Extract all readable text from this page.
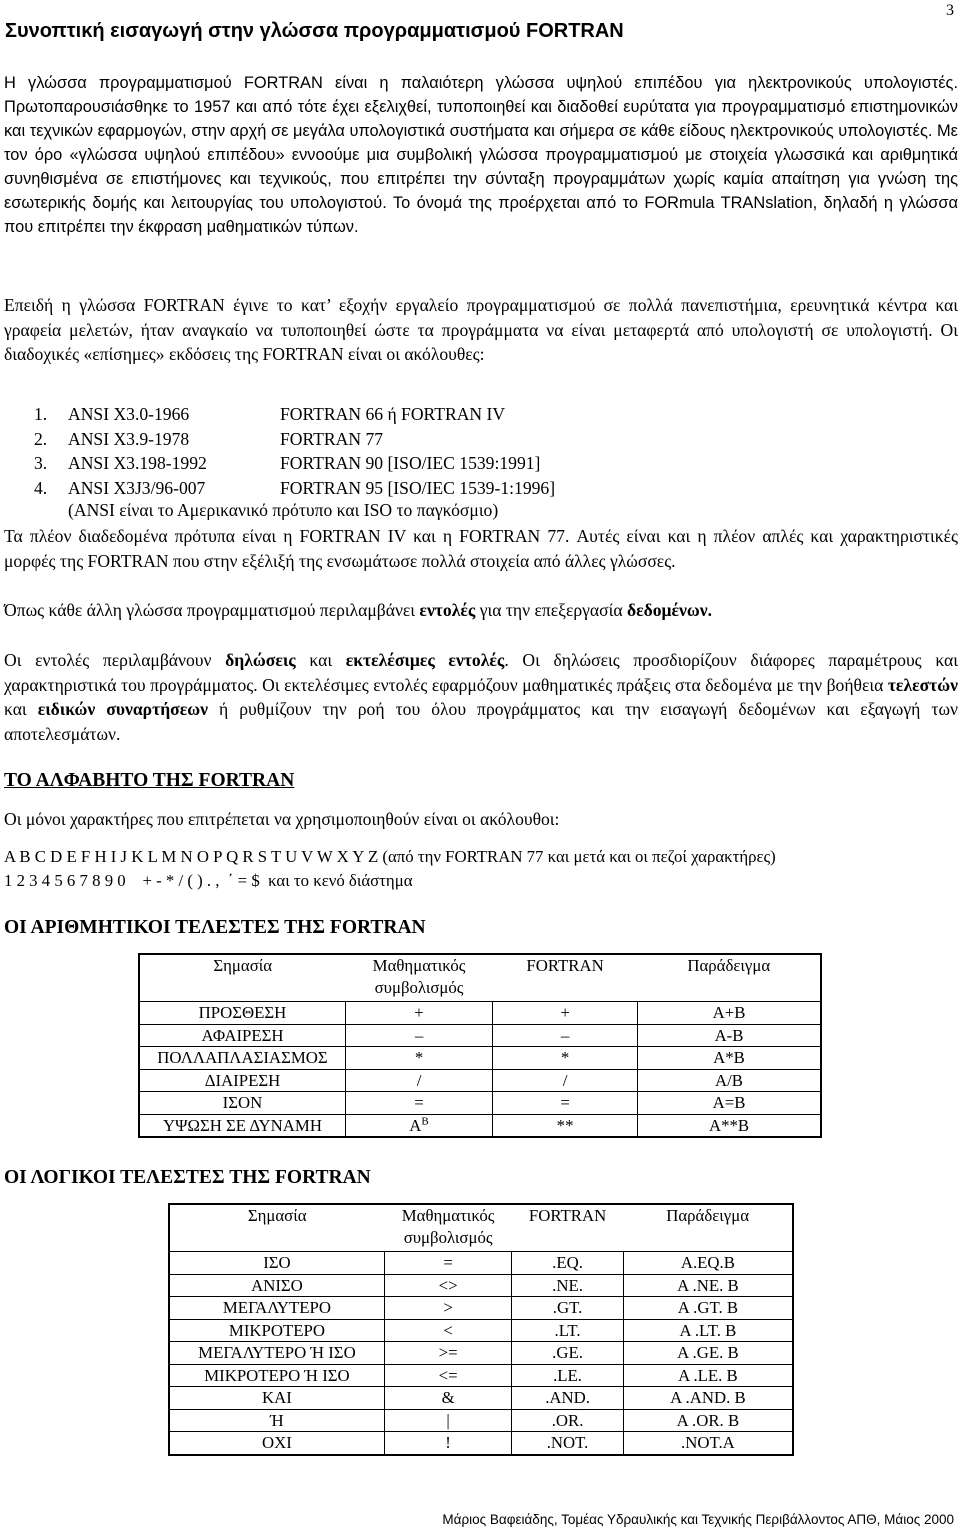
3
Συνοπτική εισαγωγή στην γλώσσα προγραμματισμού FORTRAN

Η γλώσσα προγραμματισμού FORTRAN είναι η παλαιότερη γλώσσα υψηλού επιπέδου για ηλεκτρονικούς υπολογιστές. Πρωτοπαρουσιάσθηκε το 1957 και από τότε έχει εξελιχθεί, τυποποιηθεί και διαδοθεί ευρύτατα για προγραμματισμό επιστημονικών και τεχνικών εφαρμογών, στην αρχή σε μεγάλα υπολογιστικά συστήματα και σήμερα σε κάθε είδους ηλεκτρονικούς υπολογιστές. Με τον όρο «γλώσσα υψηλού επιπέδου» εννοούμε μια συμβολική γλώσσα προγραμματισμού με στοιχεία γλωσσικά και αριθμητικά συνηθισμένα σε επιστήμονες και τεχνικούς, που επιτρέπει την σύνταξη προγραμμάτων χωρίς καμία απαίτηση για γνώση της εσωτερικής δομής και λειτουργίας του υπολογιστού. Το όνομά της προέρχεται από το FORmula TRANslation, δηλαδή η γλώσσα που επιτρέπει την έκφραση μαθηματικών τύπων.

Επειδή η γλώσσα FORTRAN έγινε το κατ’ εξοχήν εργαλείο προγραμματισμού σε πολλά πανεπιστήμια, ερευνητικά κέντρα και γραφεία μελετών, ήταν αναγκαίο να τυποποιηθεί ώστε τα προγράμματα να είναι μεταφερτά από υπολογιστή σε υπολογιστή. Οι διαδοχικές «επίσημες» εκδόσεις της FORTRAN είναι οι ακόλουθες:

1.	ANSI X3.0-1966	FORTRAN 66 ή FORTRAN IV
2.	ANSI X3.9-1978	FORTRAN 77
3.	ANSI X3.198-1992	FORTRAN 90 [ISO/IEC 1539:1991]
4.	ANSI X3J3/96-007	FORTRAN 95 [ISO/IEC 1539-1:1996]
(ANSI είναι το Αμερικανικό πρότυπο και ISO το παγκόσμιο)

Τα πλέον διαδεδομένα πρότυπα είναι η FORTRAN IV και η FORTRAN 77. Αυτές είναι και η πλέον απλές και χαρακτηριστικές μορφές της FORTRAN που στην εξέλιξή της ενσωμάτωσε πολλά στοιχεία από άλλες γλώσσες.

Όπως κάθε άλλη γλώσσα προγραμματισμού περιλαμβάνει εντολές για την επεξεργασία δεδομένων.

Οι εντολές περιλαμβάνουν δηλώσεις και εκτελέσιμες εντολές. Οι δηλώσεις προσδιορίζουν διάφορες παραμέτρους και χαρακτηριστικά του προγράμματος. Οι εκτελέσιμες εντολές εφαρμόζουν μαθηματικές πράξεις στα δεδομένα με την βοήθεια τελεστών και ειδικών συναρτήσεων ή ρυθμίζουν την ροή του όλου προγράμματος και την εισαγωγή δεδομένων και εξαγωγή των αποτελεσμάτων.

ΤΟ ΑΛΦΑΒΗΤΟ ΤΗΣ FORTRAN
Οι μόνοι χαρακτήρες που επιτρέπεται να χρησιμοποιηθούν είναι οι ακόλουθοι:
A B C D E F H I J K L M N O P Q R S T U V W X Y Z (από την FORTRAN 77 και μετά και οι πεζοί χαρακτήρες)
1 2 3 4 5 6 7 8 9 0    + - * / ( ) . ,  ΄ = $  και το κενό διάστημα
ΟΙ ΑΡΙΘΜΗΤΙΚΟΙ ΤΕΛΕΣΤΕΣ ΤΗΣ FORTRAN
Σημασία	Μαθηματικός συμβολισμός	FORTRAN	Παράδειγμα
ΠΡΟΣΘΕΣΗ	+	+	A+B
ΑΦΑΙΡΕΣΗ	–	–	A-B
ΠΟΛΛΑΠΛΑΣΙΑΣΜΟΣ	*	*	A*B
ΔΙΑΙΡΕΣΗ	/	/	A/B
ΙΣΟΝ	=	=	A=B
ΥΨΩΣΗ ΣΕ ΔΥΝΑΜΗ	$A^B$	**	A**B
ΟΙ ΛΟΓΙΚΟΙ ΤΕΛΕΣΤΕΣ ΤΗΣ FORTRAN
Σημασία	Μαθηματικός συμβολισμός	FORTRAN	Παράδειγμα
ΙΣΟ	=	.EQ.	A.EQ.B
ΑΝΙΣΟ	<>	.NE.	A .NE. B
ΜΕΓΑΛΥΤΕΡΟ	>	.GT.	A .GT. B
ΜΙΚΡΟΤΕΡΟ	<	.LT.	A .LT. B
ΜΕΓΑΛΥΤΕΡΟ Ή ΙΣΟ	>=	.GE.	A .GE. B
ΜΙΚΡΟΤΕΡΟ Ή ΙΣΟ	<=	.LE.	A .LE. B
ΚΑΙ	&	.AND.	A .AND. B
Ή	|	.OR.	A .OR. B
ΟΧΙ	!	.NOT.	.NOT.A
Μάριος Βαφειάδης, Τομέας Υδραυλικής και Τεχνικής Περιβάλλοντος ΑΠΘ, Μάιος 2000
